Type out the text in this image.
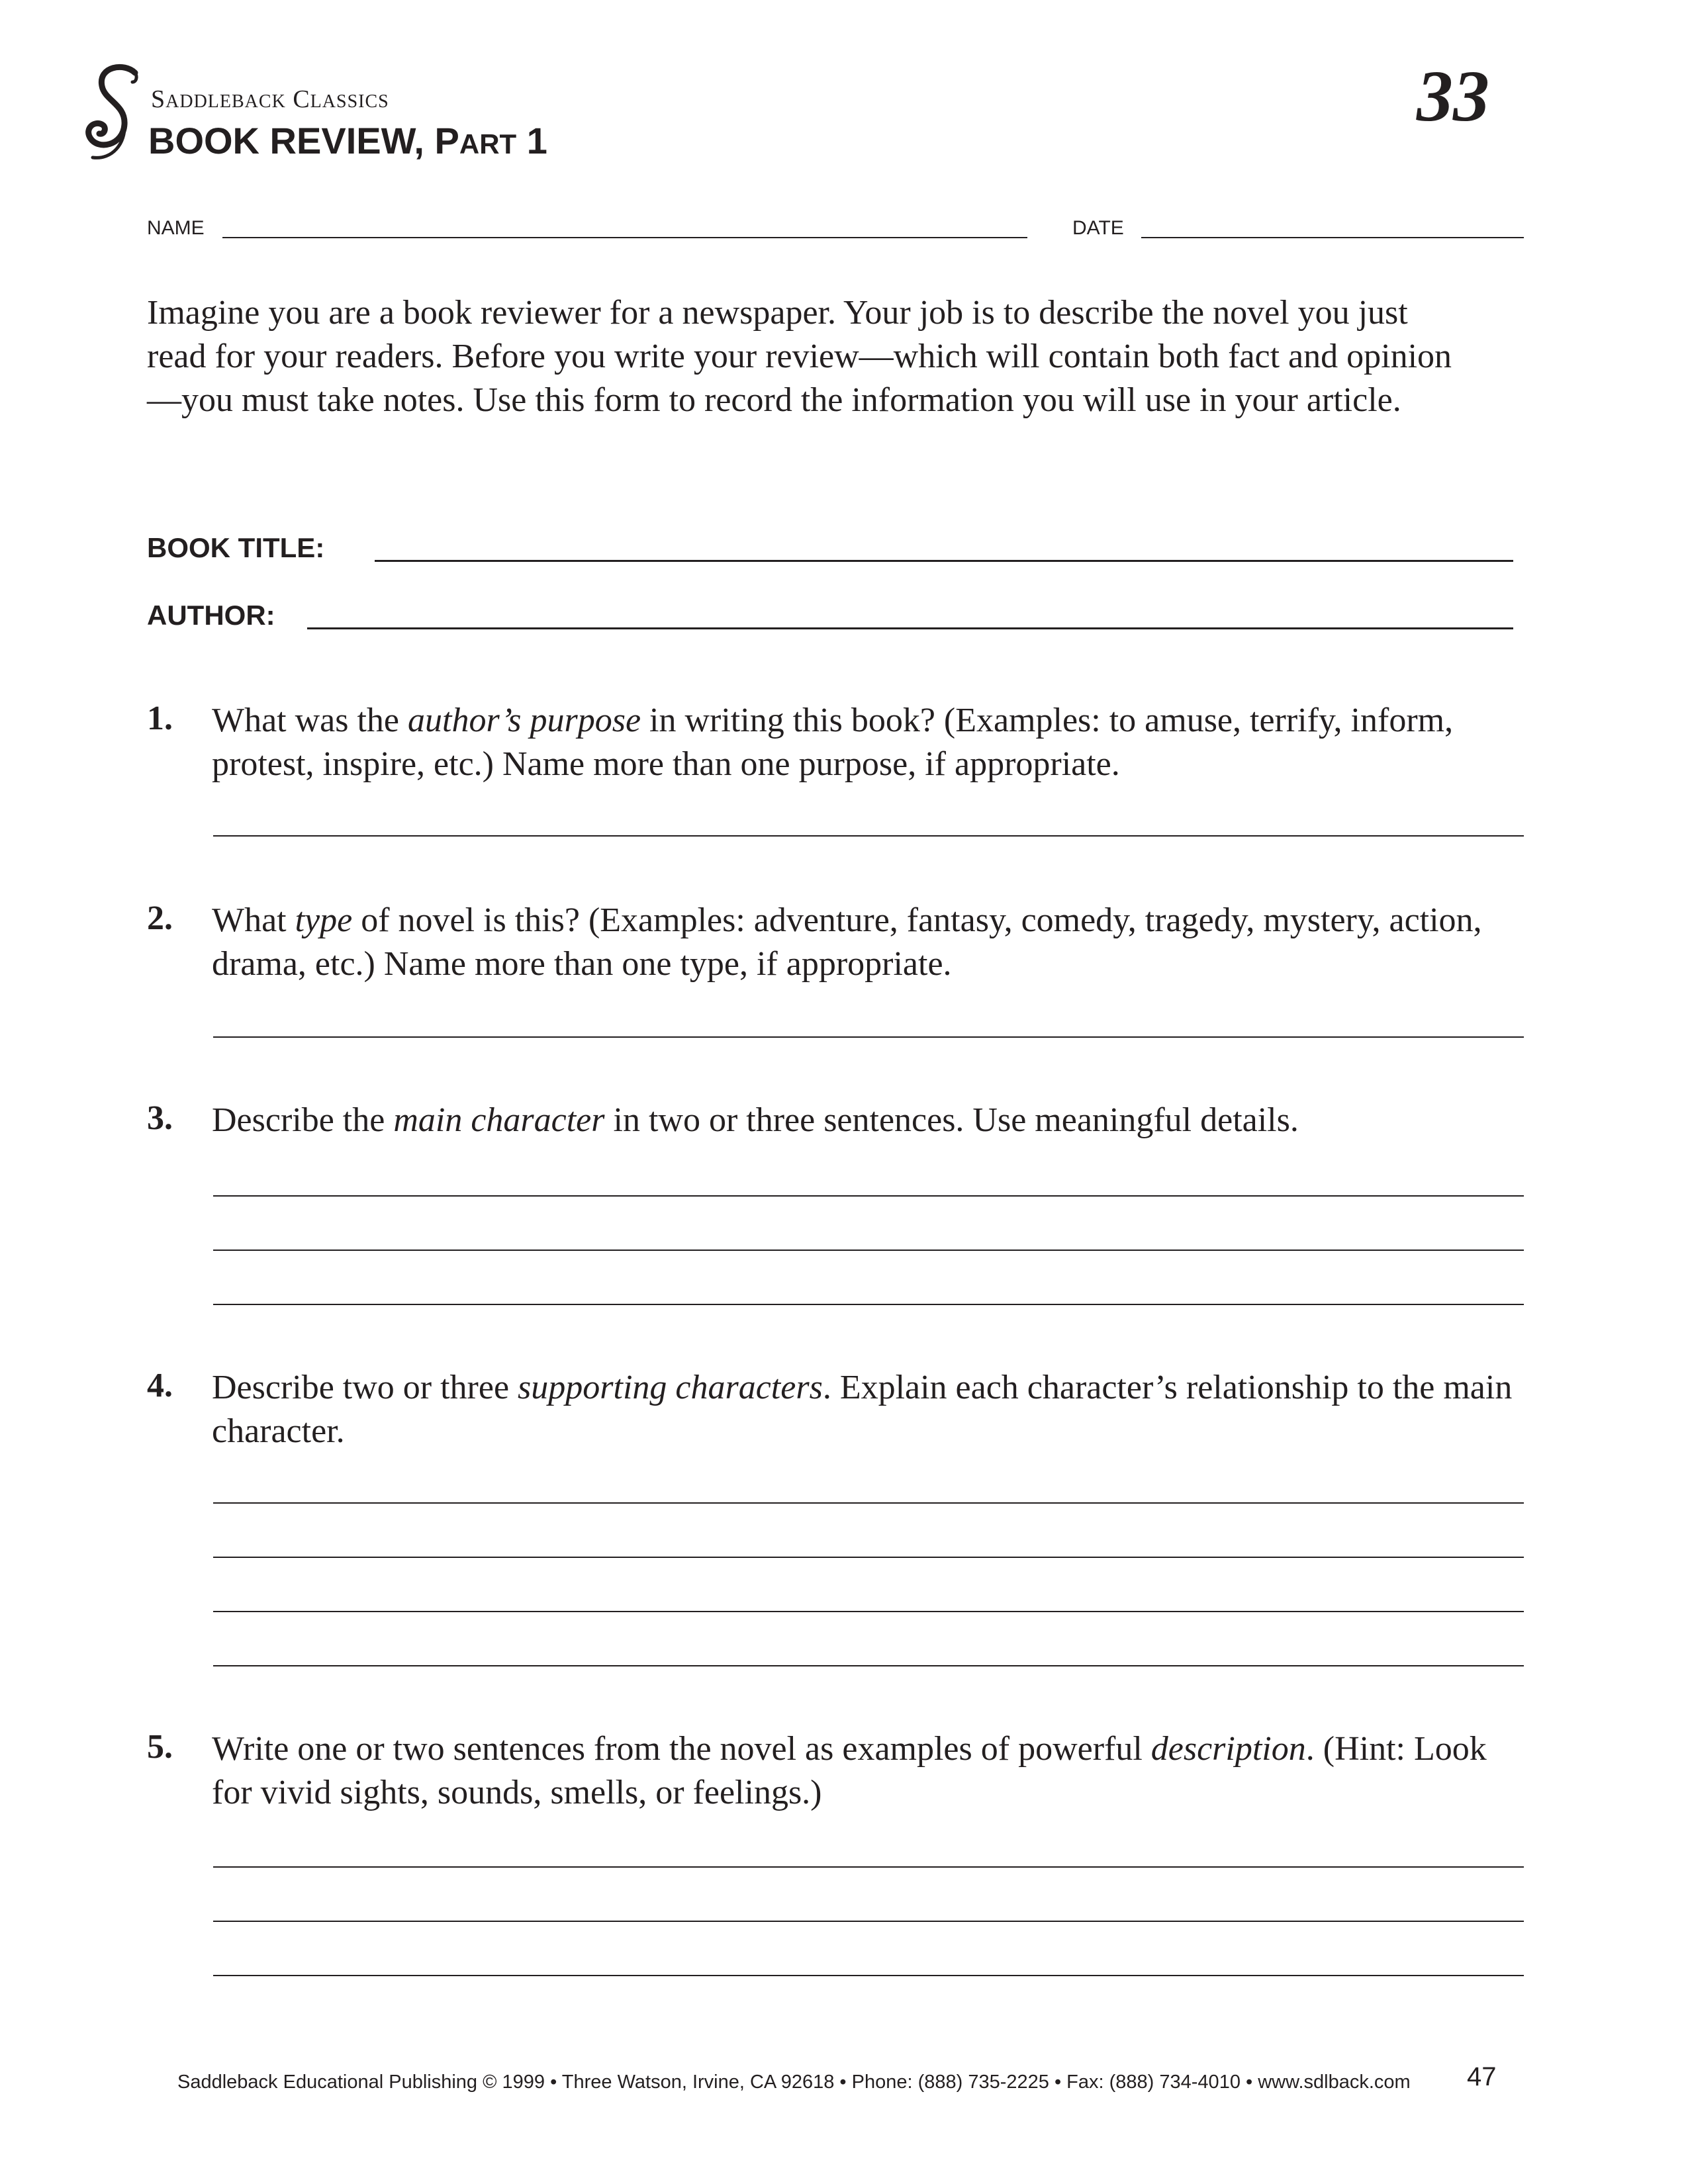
SADDLEBACK CLASSICS
BOOK REVIEW, PART 1
33
NAME	DATE
Imagine you are a book reviewer for a newspaper. Your job is to describe the novel you just read for your readers. Before you write your review—which will contain both fact and opinion—you must take notes. Use this form to record the information you will use in your article.
BOOK TITLE:
AUTHOR:
1. What was the author’s purpose in writing this book? (Examples: to amuse, terrify, inform, protest, inspire, etc.) Name more than one purpose, if appropriate.
2. What type of novel is this? (Examples: adventure, fantasy, comedy, tragedy, mystery, action, drama, etc.) Name more than one type, if appropriate.
3. Describe the main character in two or three sentences. Use meaningful details.
4. Describe two or three supporting characters. Explain each character’s relationship to the main character.
5. Write one or two sentences from the novel as examples of powerful description. (Hint: Look for vivid sights, sounds, smells, or feelings.)
Saddleback Educational Publishing © 1999 • Three Watson, Irvine, CA 92618 • Phone: (888) 735-2225 • Fax: (888) 734-4010 • www.sdlback.com 47
